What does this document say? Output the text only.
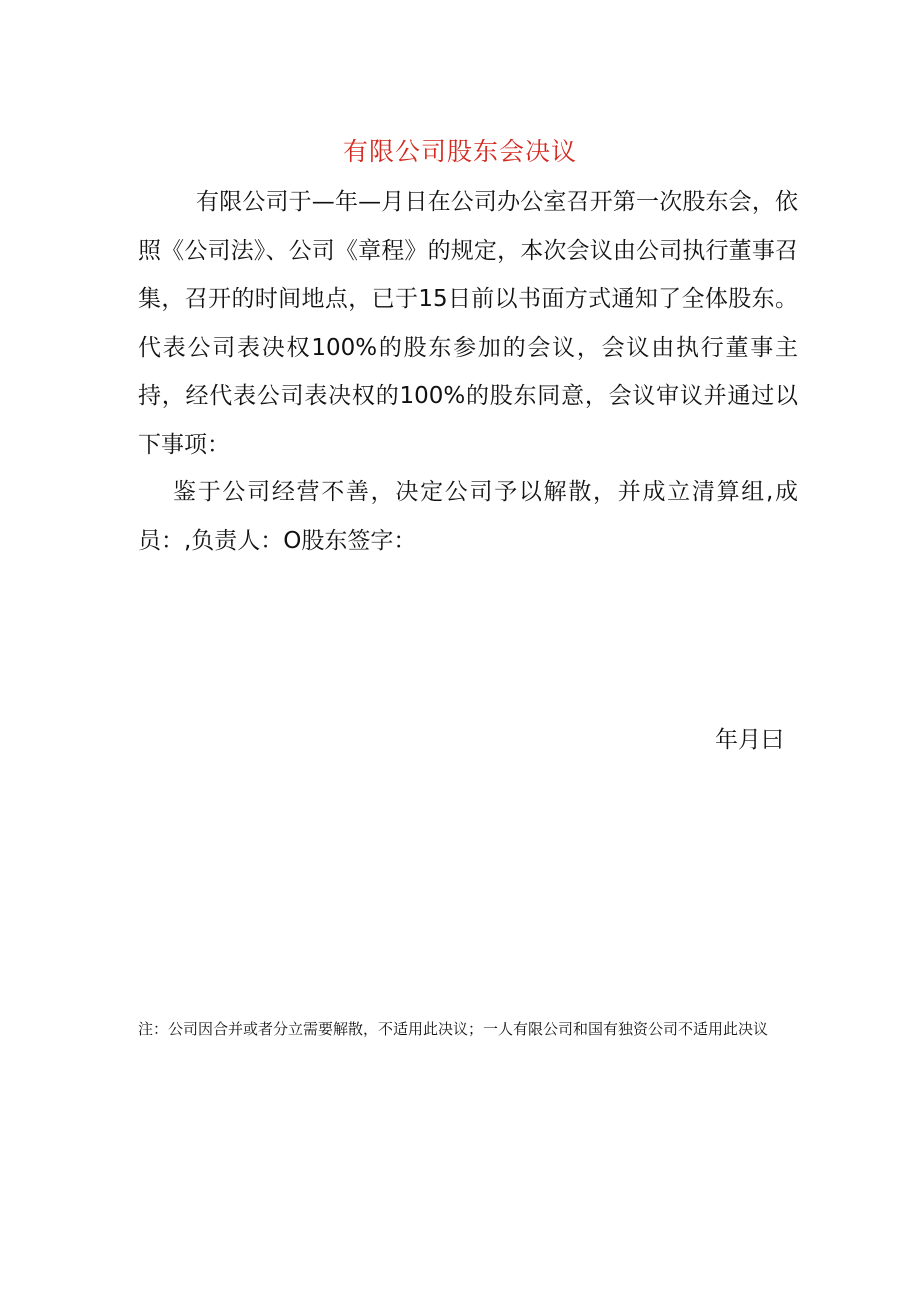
有限公司股东会决议
有限公司于—年—月日在公司办公室召开第一次股东会，依照《公司法》、公司《章程》的规定，本次会议由公司执行董事召集，召开的时间地点，已于15日前以书面方式通知了全体股东。代表公司表决权100%的股东参加的会议，会议由执行董事主持，经代表公司表决权的100%的股东同意，会议审议并通过以下事项：
鉴于公司经营不善，决定公司予以解散，并成立清算组,成员：,负责人：O股东签字：
年月曰
注：公司因合并或者分立需要解散，不适用此决议；一人有限公司和国有独资公司不适用此决议
